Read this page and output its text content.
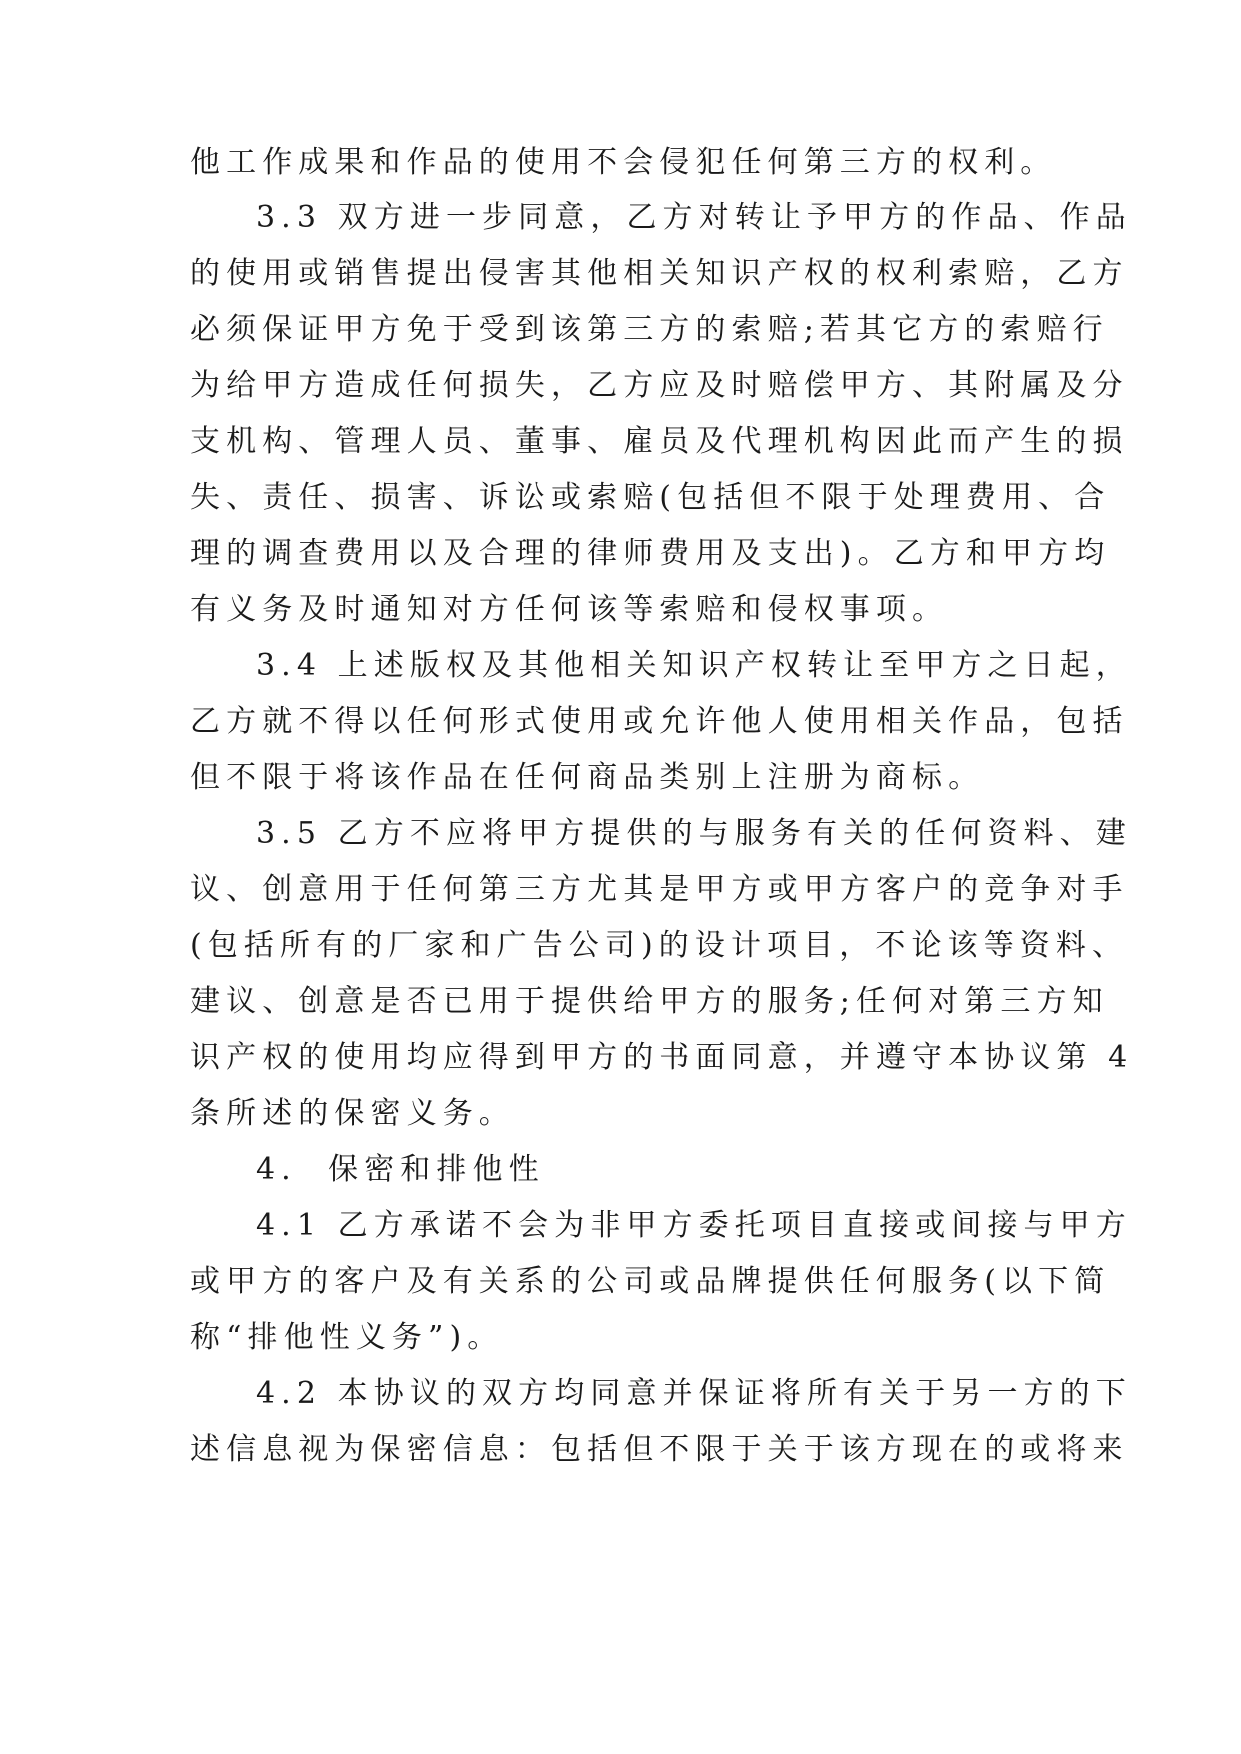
他工作成果和作品的使用不会侵犯任何第三方的权利。
3.3 双方进一步同意，乙方对转让予甲方的作品、作品
的使用或销售提出侵害其他相关知识产权的权利索赔，乙方
必须保证甲方免于受到该第三方的索赔;若其它方的索赔行
为给甲方造成任何损失，乙方应及时赔偿甲方、其附属及分
支机构、管理人员、董事、雇员及代理机构因此而产生的损
失、责任、损害、诉讼或索赔(包括但不限于处理费用、合
理的调查费用以及合理的律师费用及支出)。乙方和甲方均
有义务及时通知对方任何该等索赔和侵权事项。
3.4 上述版权及其他相关知识产权转让至甲方之日起，
乙方就不得以任何形式使用或允许他人使用相关作品，包括
但不限于将该作品在任何商品类别上注册为商标。
3.5 乙方不应将甲方提供的与服务有关的任何资料、建
议、创意用于任何第三方尤其是甲方或甲方客户的竞争对手
(包括所有的厂家和广告公司)的设计项目，不论该等资料、
建议、创意是否已用于提供给甲方的服务;任何对第三方知
识产权的使用均应得到甲方的书面同意，并遵守本协议第 4
条所述的保密义务。
4.  保密和排他性
4.1 乙方承诺不会为非甲方委托项目直接或间接与甲方
或甲方的客户及有关系的公司或品牌提供任何服务(以下简
称“排他性义务”)。
4.2 本协议的双方均同意并保证将所有关于另一方的下
述信息视为保密信息：包括但不限于关于该方现在的或将来
